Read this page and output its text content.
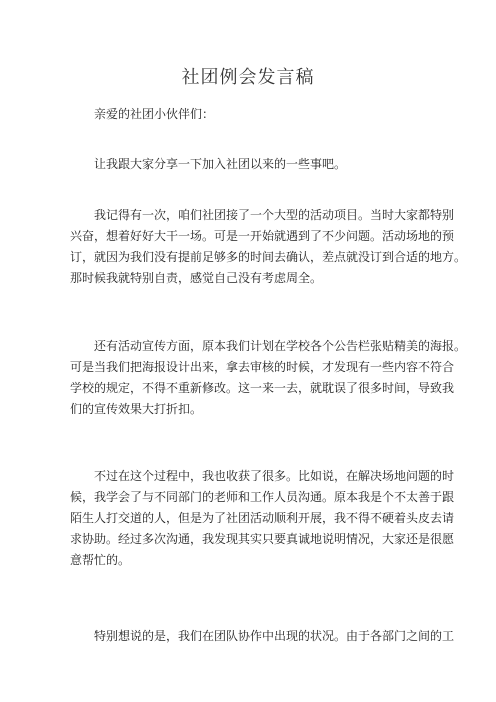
社团例会发言稿

亲爱的社团小伙伴们：

让我跟大家分享一下加入社团以来的一些事吧。

我记得有一次，咱们社团接了一个大型的活动项目。当时大家都特别
兴奋，想着好好大干一场。可是一开始就遇到了不少问题。活动场地的预
订，就因为我们没有提前足够多的时间去确认，差点就没订到合适的地方。
那时候我就特别自责，感觉自己没有考虑周全。

还有活动宣传方面，原本我们计划在学校各个公告栏张贴精美的海报。
可是当我们把海报设计出来，拿去审核的时候，才发现有一些内容不符合
学校的规定，不得不重新修改。这一来一去，就耽误了很多时间，导致我
们的宣传效果大打折扣。

不过在这个过程中，我也收获了很多。比如说，在解决场地问题的时
候，我学会了与不同部门的老师和工作人员沟通。原本我是个不太善于跟
陌生人打交道的人，但是为了社团活动顺利开展，我不得不硬着头皮去请
求协助。经过多次沟通，我发现其实只要真诚地说明情况，大家还是很愿
意帮忙的。

特别想说的是，我们在团队协作中出现的状况。由于各部门之间的工
